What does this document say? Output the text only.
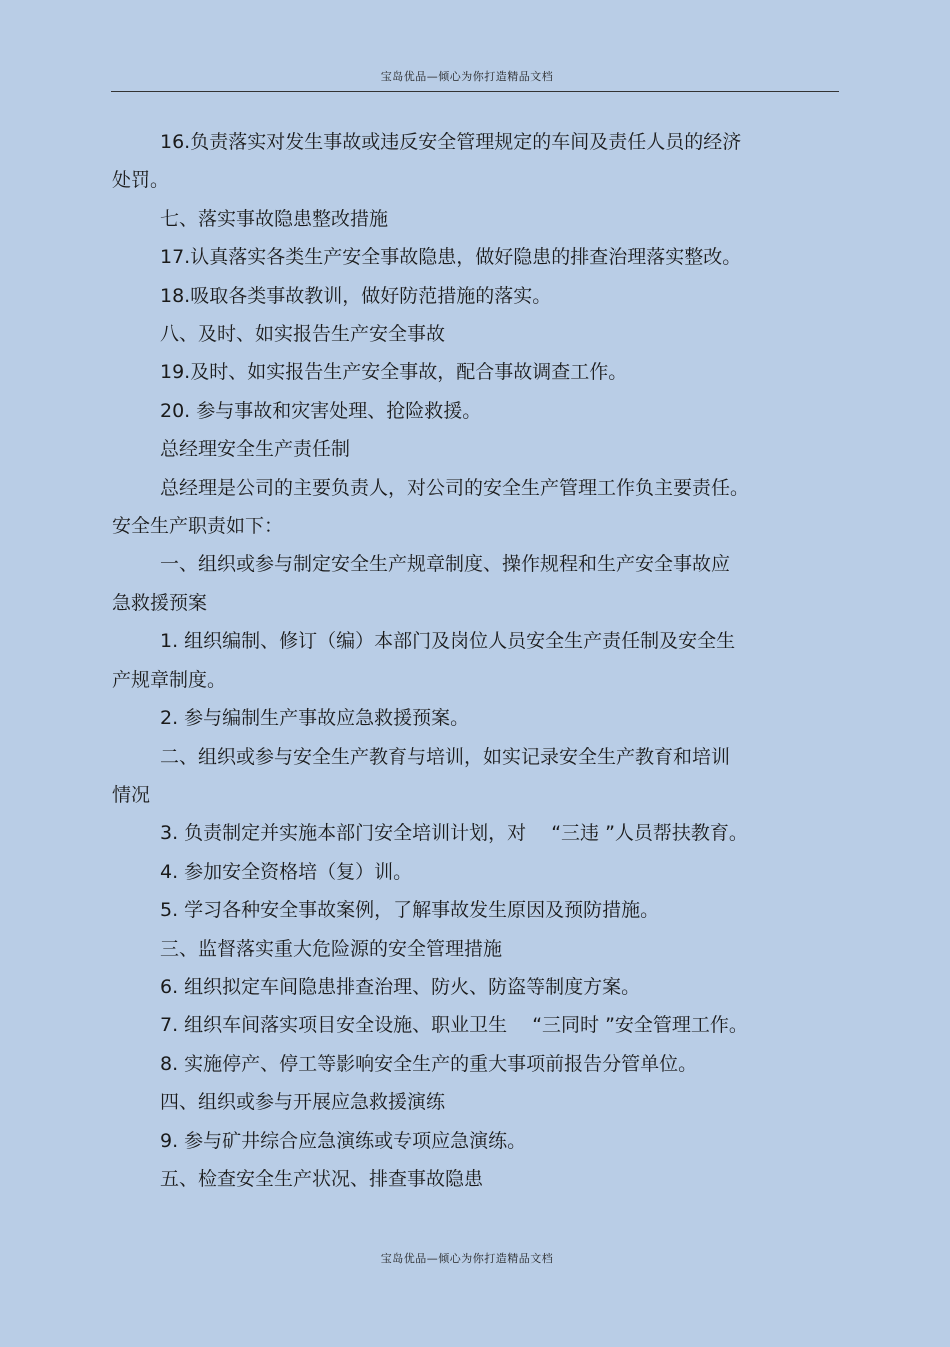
宝岛优品—倾心为你打造精品文档

16.负责落实对发生事故或违反安全管理规定的车间及责任人员的经济

处罚。

七、落实事故隐患整改措施

17.认真落实各类生产安全事故隐患，做好隐患的排查治理落实整改。

18.吸取各类事故教训，做好防范措施的落实。

八、及时、如实报告生产安全事故

19.及时、如实报告生产安全事故，配合事故调查工作。

20. 参与事故和灾害处理、抢险救援。

总经理安全生产责任制

总经理是公司的主要负责人，对公司的安全生产管理工作负主要责任。

安全生产职责如下：

一、组织或参与制定安全生产规章制度、操作规程和生产安全事故应

急救援预案

1. 组织编制、修订（编）本部门及岗位人员安全生产责任制及安全生

产规章制度。

2. 参与编制生产事故应急救援预案。

二、组织或参与安全生产教育与培训，如实记录安全生产教育和培训

情况

3. 负责制定并实施本部门安全培训计划，对　 “三违 ”人员帮扶教育。

4. 参加安全资格培（复）训。

5. 学习各种安全事故案例，了解事故发生原因及预防措施。

三、监督落实重大危险源的安全管理措施

6. 组织拟定车间隐患排查治理、防火、防盗等制度方案。

7. 组织车间落实项目安全设施、职业卫生　 “三同时 ”安全管理工作。

8. 实施停产、停工等影响安全生产的重大事项前报告分管单位。

四、组织或参与开展应急救援演练

9. 参与矿井综合应急演练或专项应急演练。

五、检查安全生产状况、排查事故隐患

宝岛优品—倾心为你打造精品文档
